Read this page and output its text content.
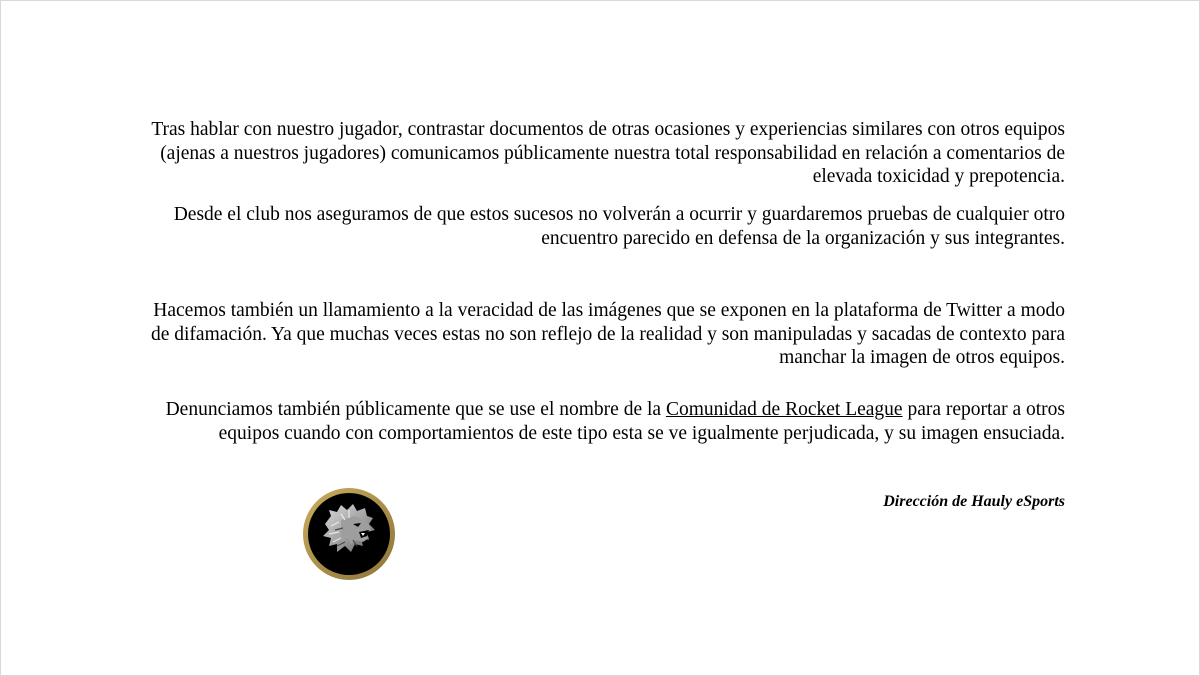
Tras hablar con nuestro jugador, contrastar documentos de otras ocasiones y experiencias similares con otros equipos (ajenas a nuestros jugadores) comunicamos públicamente nuestra total responsabilidad en relación a comentarios de elevada toxicidad y prepotencia.

Desde el club nos aseguramos de que estos sucesos no volverán a ocurrir y guardaremos pruebas de cualquier otro encuentro parecido en defensa de la organización y sus integrantes.

Hacemos también un llamamiento a la veracidad de las imágenes que se exponen en la plataforma de Twitter a modo de difamación. Ya que muchas veces estas no son reflejo de la realidad y son manipuladas y sacadas de contexto para manchar la imagen de otros equipos.

Denunciamos también públicamente que se use el nombre de la Comunidad de Rocket League para reportar a otros equipos cuando con comportamientos de este tipo esta se ve igualmente perjudicada, y su imagen ensuciada.

Dirección de Hauly eSports
